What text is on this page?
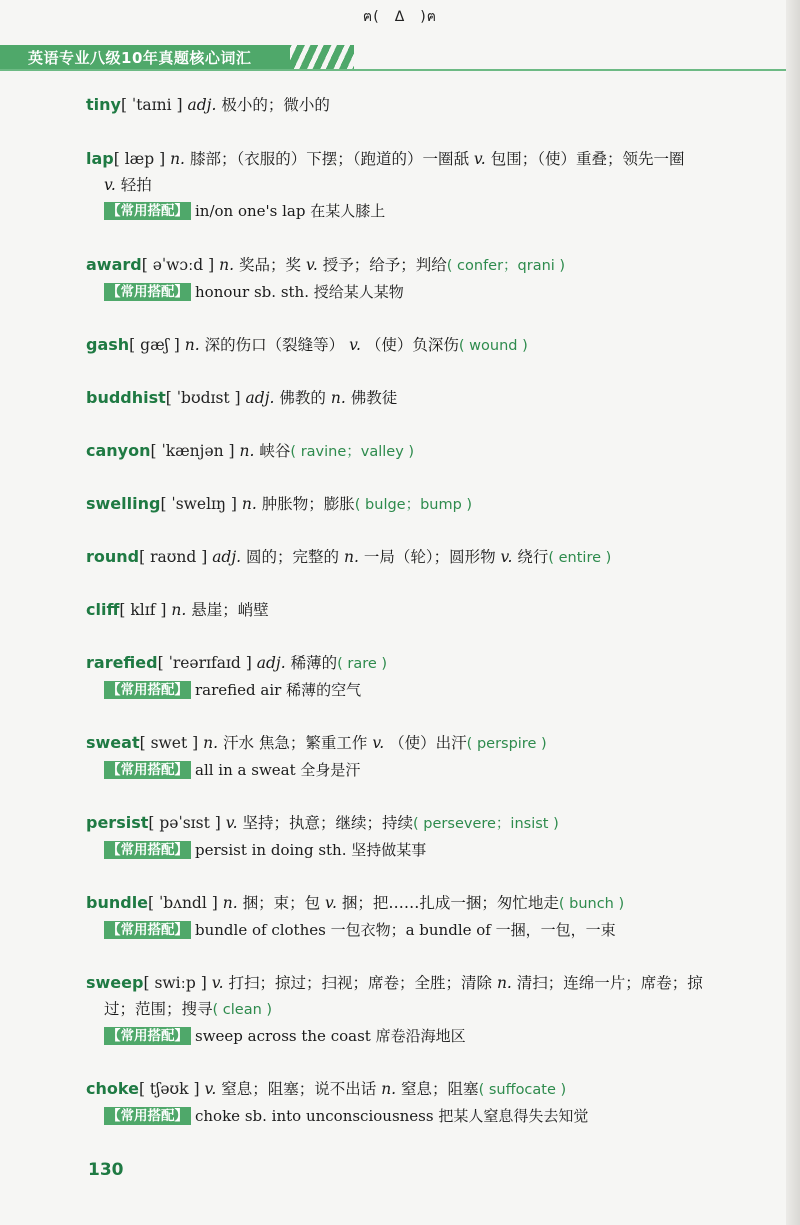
ฅ(　Δ　)ฅ
英语专业八级10年真题核心词汇
tiny[ ˈtaɪni ] adj. 极小的；微小的
lap[ læp ] n. 膝部；（衣服的）下摆；（跑道的）一圈舐 v. 包围；（使）重叠；领先一圈
v. 轻拍
【常用搭配】 in/on one's lap 在某人膝上
award[ əˈwɔːd ] n. 奖品；奖 v. 授予；给予；判给( confer；qrani )
【常用搭配】 honour sb. sth. 授给某人某物
gash[ gæʃ ] n. 深的伤口（裂缝等） v. （使）负深伤( wound )
buddhist[ ˈbʊdɪst ] adj. 佛教的 n. 佛教徒
canyon[ ˈkænjən ] n. 峡谷( ravine；valley )
swelling[ ˈswelɪŋ ] n. 肿胀物；膨胀( bulge；bump )
round[ raʊnd ] adj. 圆的；完整的 n. 一局（轮）；圆形物 v. 绕行( entire )
cliff[ klɪf ] n. 悬崖；峭壁
rarefied[ ˈreərɪfaɪd ] adj. 稀薄的( rare )
【常用搭配】 rarefied air 稀薄的空气
sweat[ swet ] n. 汗水 焦急；繁重工作 v. （使）出汗( perspire )
【常用搭配】 all in a sweat 全身是汗
persist[ pəˈsɪst ] v. 坚持；执意；继续；持续( persevere；insist )
【常用搭配】 persist in doing sth. 坚持做某事
bundle[ ˈbʌndl ] n. 捆；束；包 v. 捆；把……扎成一捆；匆忙地走( bunch )
【常用搭配】 bundle of clothes 一包衣物；a bundle of 一捆，一包，一束
sweep[ swiːp ] v. 打扫；掠过；扫视；席卷；全胜；清除 n. 清扫；连绵一片；席卷；掠
过；范围；搜寻( clean )
【常用搭配】 sweep across the coast 席卷沿海地区
choke[ tʃəʊk ] v. 窒息；阻塞；说不出话 n. 窒息；阻塞( suffocate )
【常用搭配】 choke sb. into unconsciousness 把某人窒息得失去知觉
130
